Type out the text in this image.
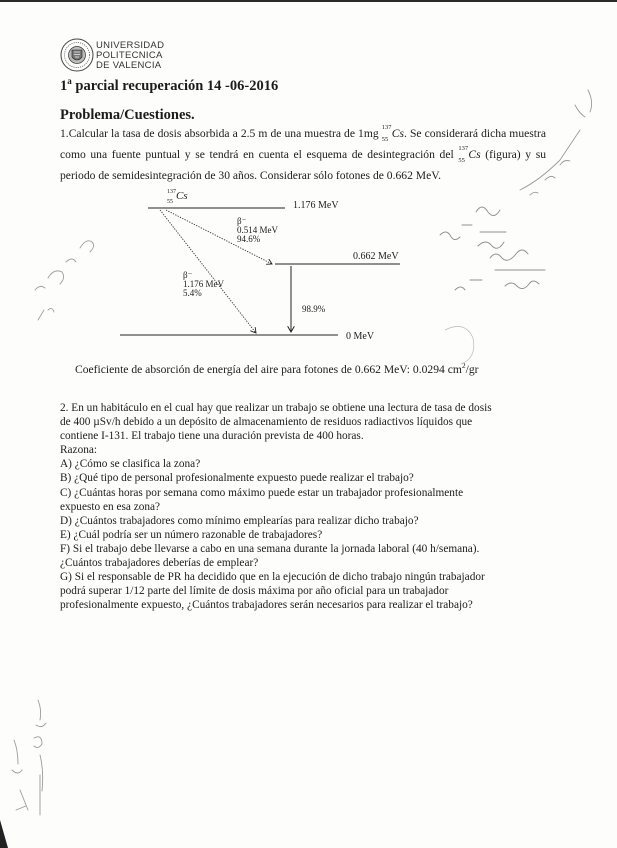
UNIVERSIDAD
POLITECNICA
DE VALENCIA
1$^a$ parcial recuperación 14 -06-2016
Problema/Cuestiones.
1.Calcular la tasa de dosis absorbida a 2.5 m de una muestra de 1mg 137
55 Cs. Se considerará dicha muestra como una fuente puntual y se tendrá en cuenta el esquema de desintegración del 137
55 Cs (figura) y su periodo de semidesintegración de 30 años. Considerar sólo fotones de 0.662 MeV.
137
55 Cs
1.176 MeV
0.662 MeV
0 MeV
β⁻
0.514 MeV
94.6%
β⁻
1.176 MeV
5.4%
98.9%
Coeficiente de absorción de energía del aire para fotones de 0.662 MeV: 0.0294 $cm^2/gr$

2. En un habitáculo en el cual hay que realizar un trabajo se obtiene una lectura de tasa de dosis de 400 µSv/h debido a un depósito de almacenamiento de residuos radiactivos líquidos que contiene I-131. El trabajo tiene una duración prevista de 400 horas.

Razona:

A) ¿Cómo se clasifica la zona?

B) ¿Qué tipo de personal profesionalmente expuesto puede realizar el trabajo?

C) ¿Cuántas horas por semana como máximo puede estar un trabajador profesionalmente expuesto en esa zona?

D) ¿Cuántos trabajadores como mínimo emplearías para realizar dicho trabajo?

E) ¿Cuál podría ser un número razonable de trabajadores?

F) Si el trabajo debe llevarse a cabo en una semana durante la jornada laboral (40 h/semana). ¿Cuántos trabajadores deberías de emplear?

G) Si el responsable de PR ha decidido que en la ejecución de dicho trabajo ningún trabajador podrá superar 1/12 parte del límite de dosis máxima por año oficial para un trabajador profesionalmente expuesto, ¿Cuántos trabajadores serán necesarios para realizar el trabajo?
